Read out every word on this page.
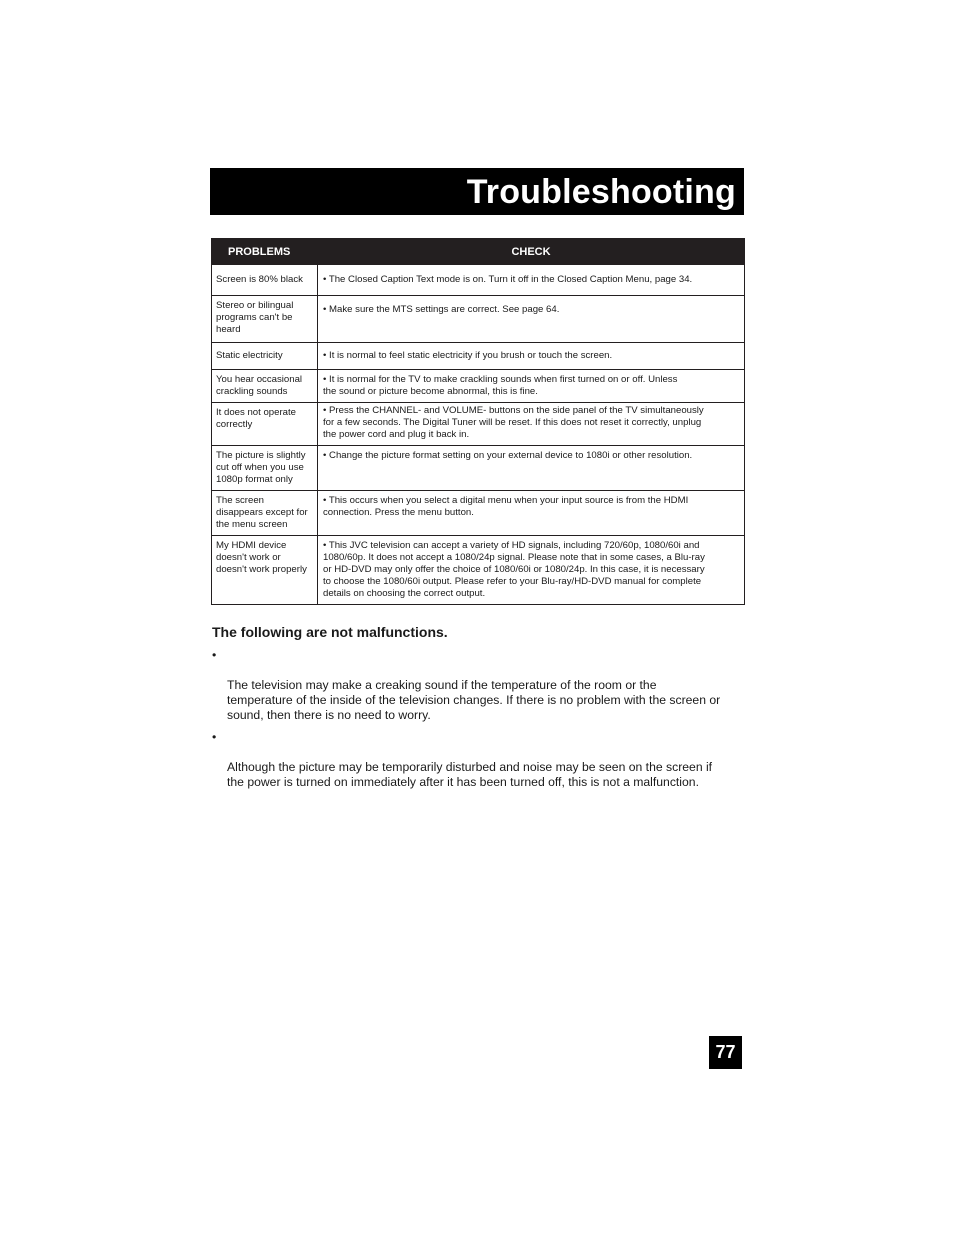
Troubleshooting
PROBLEMS	CHECK
Screen is 80% black	• The Closed Caption Text mode is on. Turn it off in the Closed Caption Menu, page 34.
Stereo or bilingual programs can't be heard	• Make sure the MTS settings are correct. See page 64.
Static electricity	• It is normal to feel static electricity if you brush or touch the screen.
You hear occasional crackling sounds	• It is normal for the TV to make crackling sounds when first turned on or off. Unless
the sound or picture become abnormal, this is fine.
It does not operate correctly	• Press the CHANNEL- and VOLUME- buttons on the side panel of the TV simultaneously
for a few seconds. The Digital Tuner will be reset. If this does not reset it correctly, unplug
the power cord and plug it back in.
The picture is slightly cut off when you use 1080p format only	• Change the picture format setting on your external device to 1080i or other resolution.
The screen disappears except for the menu screen	• This occurs when you select a digital menu when your input source is from the HDMI
connection. Press the menu button.
My HDMI device doesn't work or doesn't work properly	• This JVC television can accept a variety of HD signals, including 720/60p, 1080/60i and
1080/60p. It does not accept a 1080/24p signal. Please note that in some cases, a Blu-ray
or HD-DVD may only offer the choice of 1080/60i or 1080/24p. In this case, it is necessary
to choose the 1080/60i output. Please refer to your Blu-ray/HD-DVD manual for complete
details on choosing the correct output.
The following are not malfunctions.

•

The television may make a creaking sound if the temperature of the room or the
temperature of the inside of the television changes. If there is no problem with the screen or
sound, then there is no need to worry.

•

Although the picture may be temporarily disturbed and noise may be seen on the screen if
the power is turned on immediately after it has been turned off, this is not a malfunction.

77
